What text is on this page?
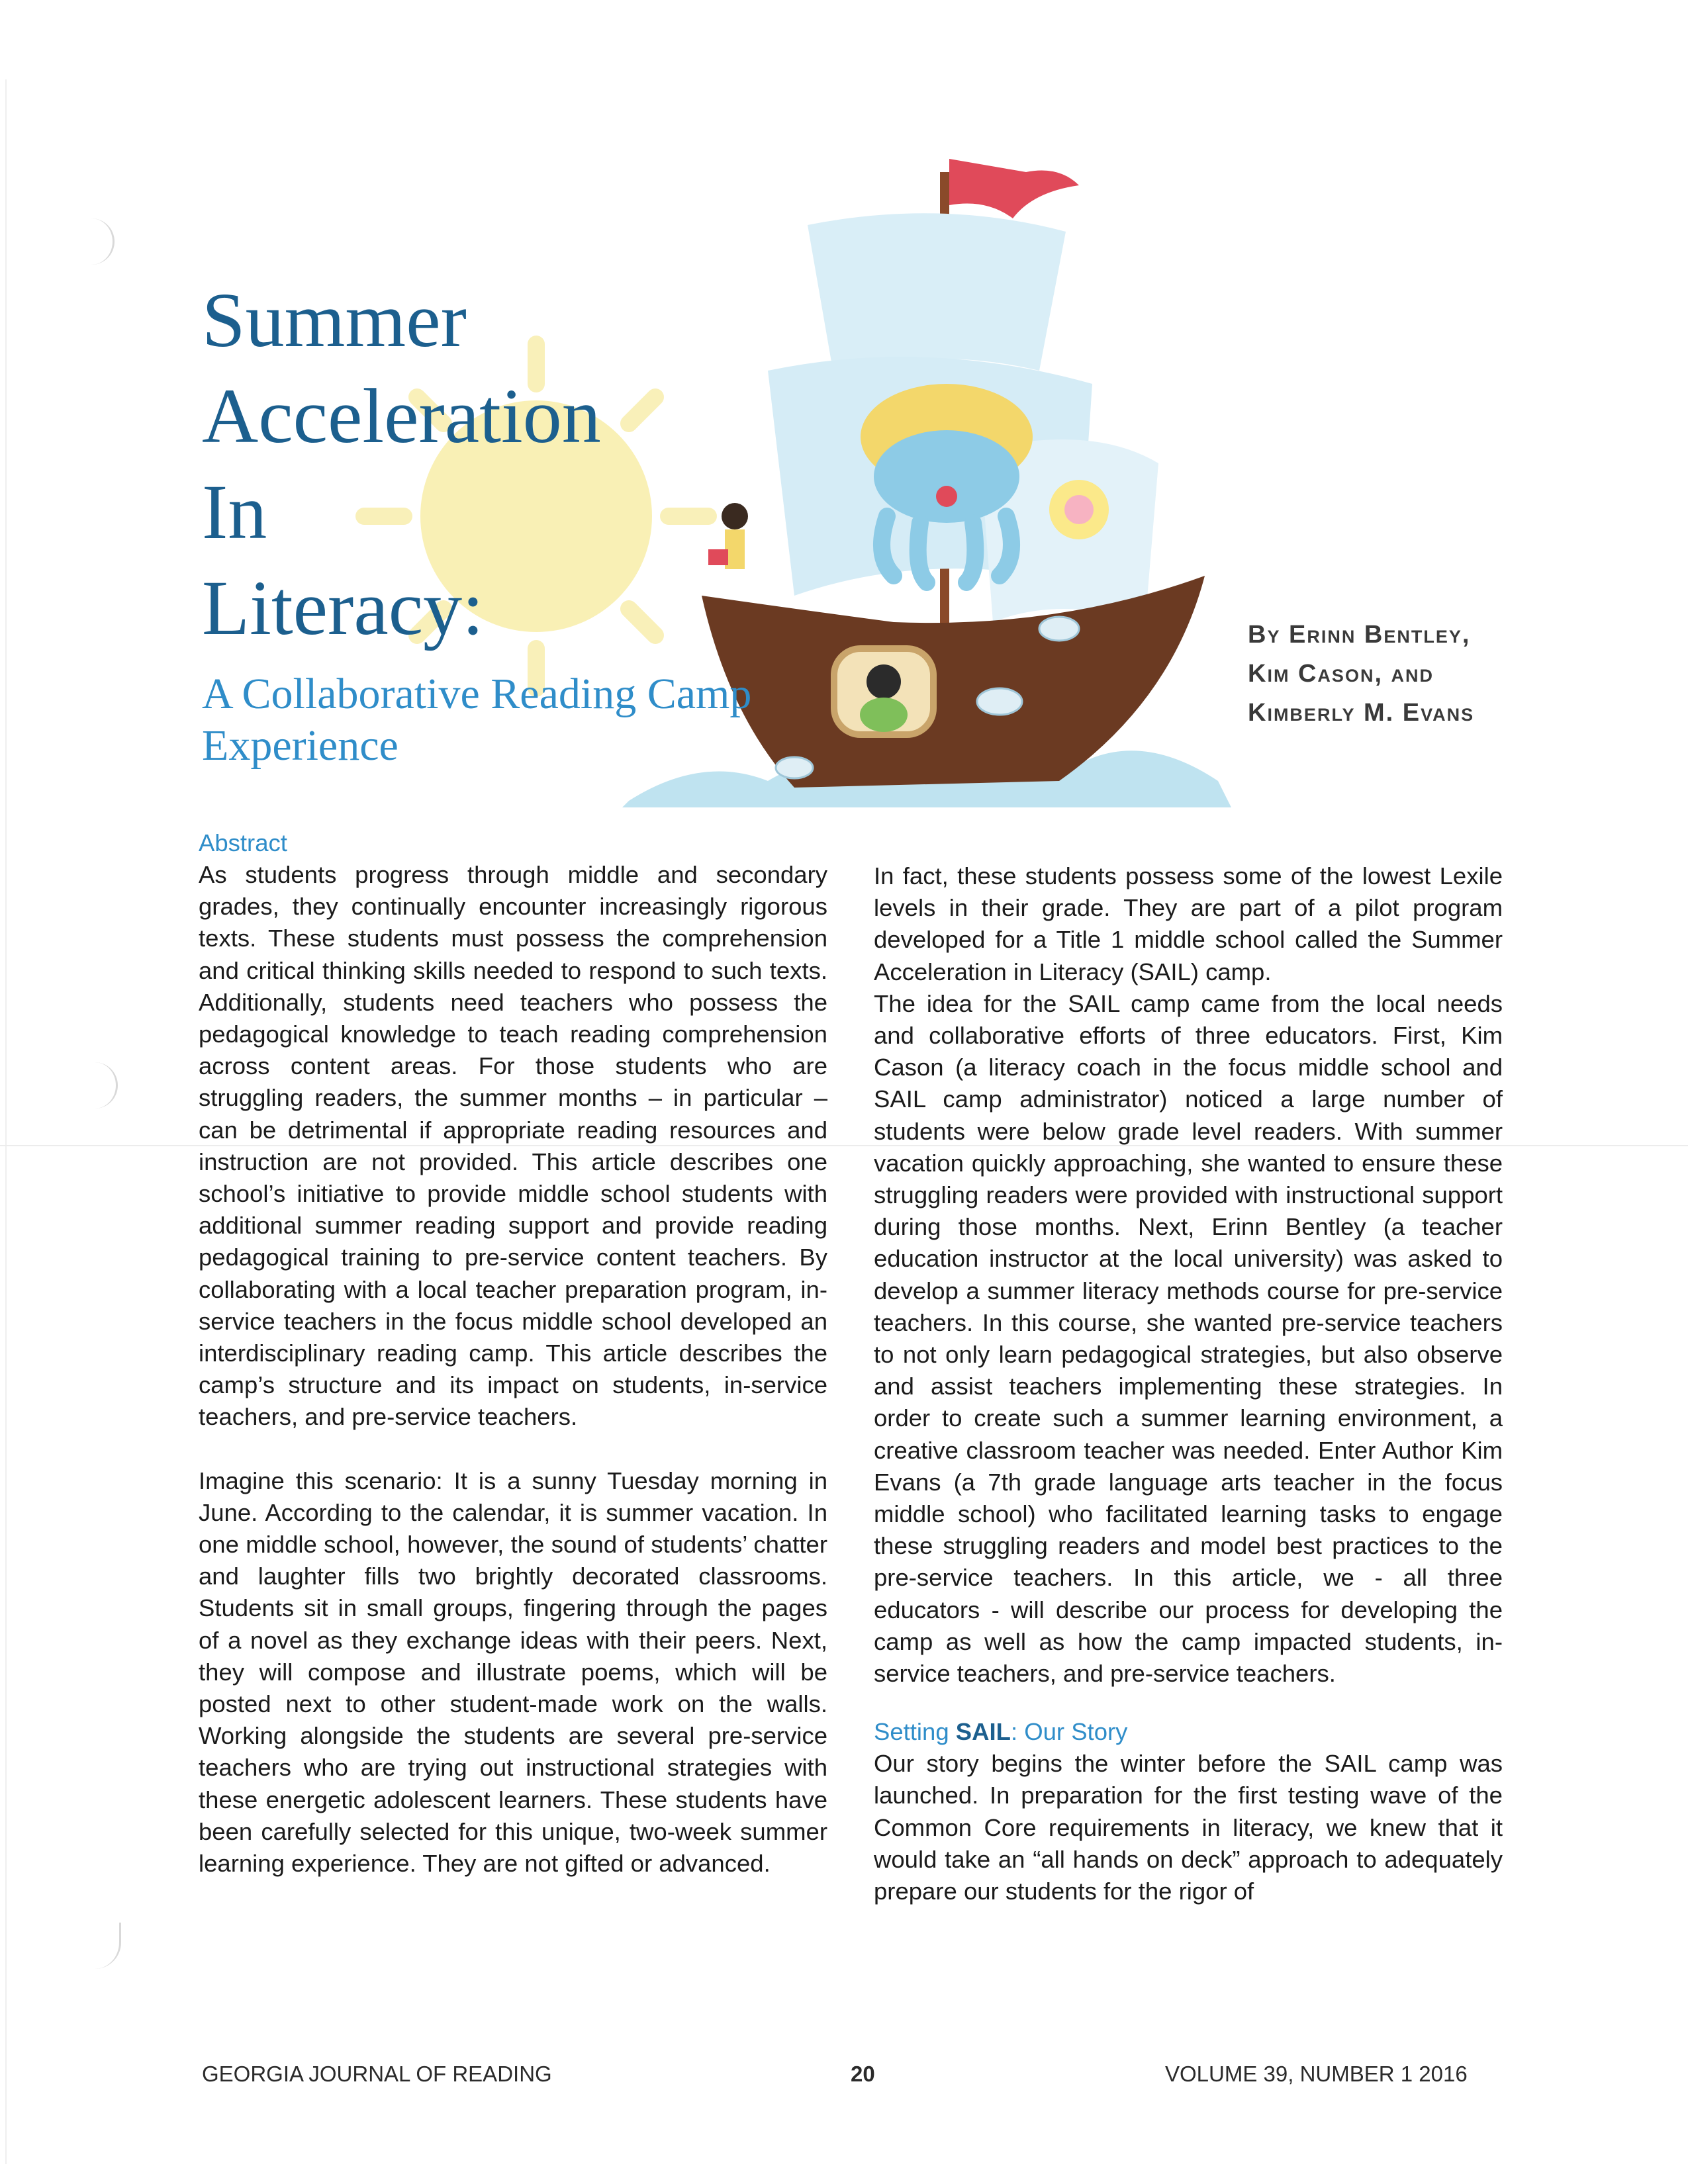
Summer
Acceleration
In
Literacy:
A Collaborative Reading Camp Experience
By Erinn Bentley,
Kim Cason, and
Kimberly M. Evans
Abstract

As students progress through middle and secondary grades, they continually encounter increasingly rigorous texts. These students must possess the comprehension and critical thinking skills needed to respond to such texts. Additionally, students need teachers who possess the pedagogical knowledge to teach reading comprehension across content areas. For those students who are struggling readers, the summer months – in particular – can be detrimental if appropriate reading resources and instruction are not provided. This article describes one school’s initiative to provide middle school students with additional summer reading support and provide reading pedagogical training to pre-service content teachers. By collaborating with a local teacher preparation program, in-service teachers in the focus middle school developed an interdisciplinary reading camp. This article describes the camp’s structure and its impact on students, in-service teachers, and pre-service teachers.

Imagine this scenario: It is a sunny Tuesday morning in June. According to the calendar, it is summer vacation. In one middle school, however, the sound of students’ chatter and laughter fills two brightly decorated classrooms. Students sit in small groups, fingering through the pages of a novel as they exchange ideas with their peers. Next, they will compose and illustrate poems, which will be posted next to other student-made work on the walls. Working alongside the students are several pre-service teachers who are trying out instructional strategies with these energetic adolescent learners. These students have been carefully selected for this unique, two-week summer learning experience. They are not gifted or advanced.

In fact, these students possess some of the lowest Lexile levels in their grade. They are part of a pilot program developed for a Title 1 middle school called the Summer Acceleration in Literacy (SAIL) camp.

The idea for the SAIL camp came from the local needs and collaborative efforts of three educators. First, Kim Cason (a literacy coach in the focus middle school and SAIL camp administrator) noticed a large number of students were below grade level readers. With summer vacation quickly approaching, she wanted to ensure these struggling readers were provided with instructional support during those months. Next, Erinn Bentley (a teacher education instructor at the local university) was asked to develop a summer literacy methods course for pre-service teachers. In this course, she wanted pre-service teachers to not only learn pedagogical strategies, but also observe and assist teachers implementing these strategies. In order to create such a summer learning environment, a creative classroom teacher was needed. Enter Author Kim Evans (a 7th grade language arts teacher in the focus middle school) who facilitated learning tasks to engage these struggling readers and model best practices to the pre-service teachers. In this article, we - all three educators - will describe our process for developing the camp as well as how the camp impacted students, in-service teachers, and pre-service teachers.

Setting SAIL: Our Story

Our story begins the winter before the SAIL camp was launched. In preparation for the first testing wave of the Common Core requirements in literacy, we knew that it would take an “all hands on deck” approach to adequately prepare our students for the rigor of

GEORGIA JOURNAL OF READING	20	VOLUME 39, NUMBER 1 2016
